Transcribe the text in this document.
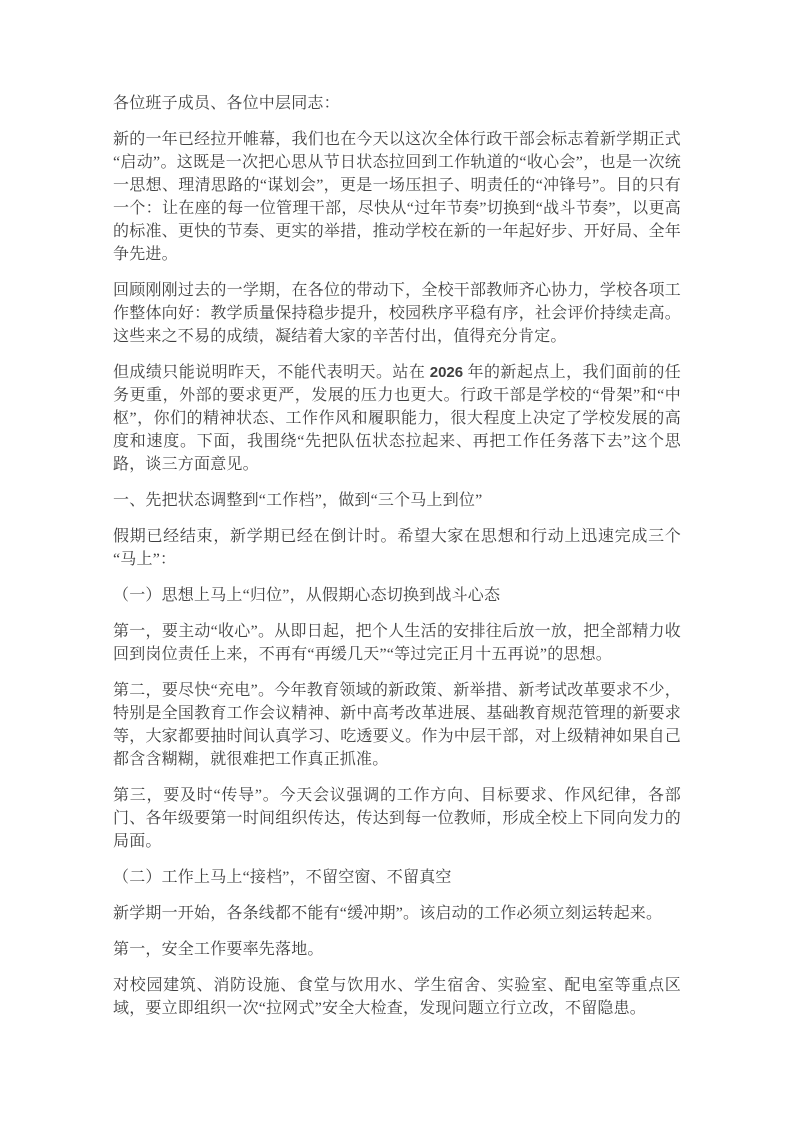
各位班子成员、各位中层同志：

新的一年已经拉开帷幕，我们也在今天以这次全体行政干部会标志着新学期正式“启动”。这既是一次把心思从节日状态拉回到工作轨道的“收心会”，也是一次统一思想、理清思路的“谋划会”，更是一场压担子、明责任的“冲锋号”。目的只有一个：让在座的每一位管理干部，尽快从“过年节奏”切换到“战斗节奏”，以更高的标准、更快的节奏、更实的举措，推动学校在新的一年起好步、开好局、全年争先进。

回顾刚刚过去的一学期，在各位的带动下，全校干部教师齐心协力，学校各项工作整体向好：教学质量保持稳步提升，校园秩序平稳有序，社会评价持续走高。这些来之不易的成绩，凝结着大家的辛苦付出，值得充分肯定。

但成绩只能说明昨天，不能代表明天。站在 2026 年的新起点上，我们面前的任务更重，外部的要求更严，发展的压力也更大。行政干部是学校的“骨架”和“中枢”，你们的精神状态、工作作风和履职能力，很大程度上决定了学校发展的高度和速度。下面，我围绕“先把队伍状态拉起来、再把工作任务落下去”这个思路，谈三方面意见。

一、先把状态调整到“工作档”，做到“三个马上到位”

假期已经结束，新学期已经在倒计时。希望大家在思想和行动上迅速完成三个“马上”：

（一）思想上马上“归位”，从假期心态切换到战斗心态

第一，要主动“收心”。从即日起，把个人生活的安排往后放一放，把全部精力收回到岗位责任上来，不再有“再缓几天”“等过完正月十五再说”的思想。

第二，要尽快“充电”。今年教育领域的新政策、新举措、新考试改革要求不少，特别是全国教育工作会议精神、新中高考改革进展、基础教育规范管理的新要求等，大家都要抽时间认真学习、吃透要义。作为中层干部，对上级精神如果自己都含含糊糊，就很难把工作真正抓准。

第三，要及时“传导”。今天会议强调的工作方向、目标要求、作风纪律，各部门、各年级要第一时间组织传达，传达到每一位教师，形成全校上下同向发力的局面。

（二）工作上马上“接档”，不留空窗、不留真空

新学期一开始，各条线都不能有“缓冲期”。该启动的工作必须立刻运转起来。

第一，安全工作要率先落地。

对校园建筑、消防设施、食堂与饮用水、学生宿舍、实验室、配电室等重点区域，要立即组织一次“拉网式”安全大检查，发现问题立行立改，不留隐患。
